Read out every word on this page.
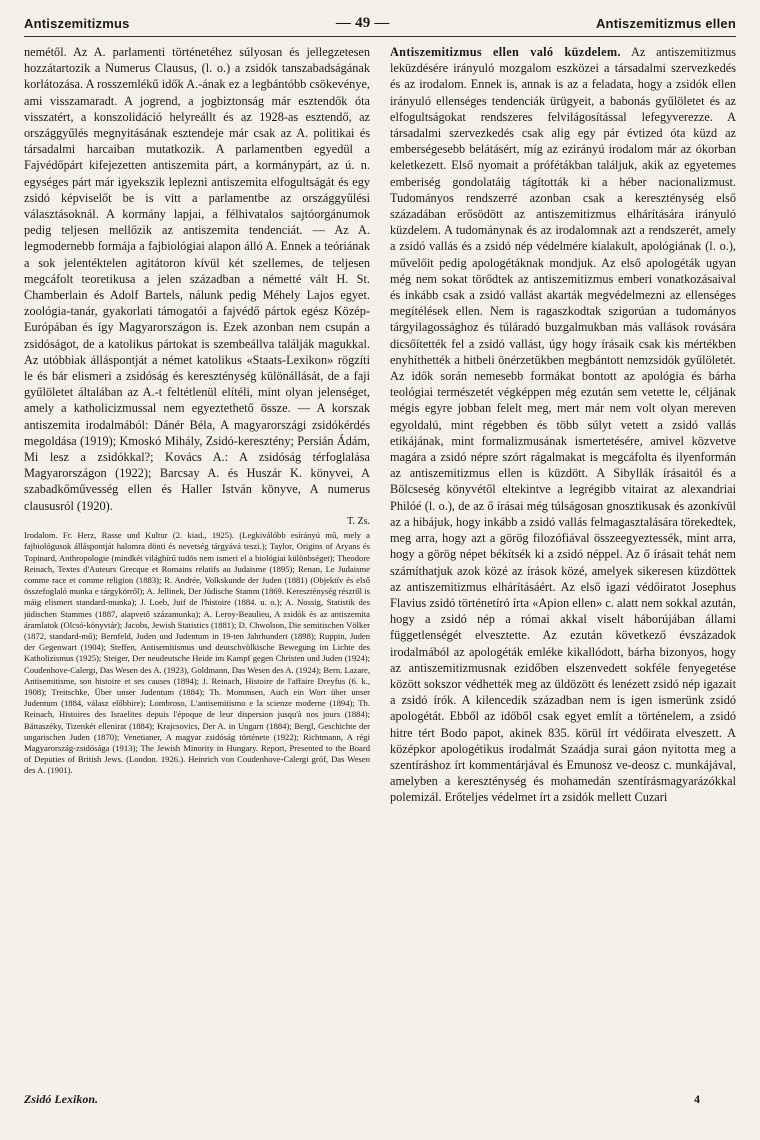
Antiszemitizmus	— 49 —	Antiszemitizmus ellen

nemétől. Az A. parlamenti történetéhez súlyosan és jellegzetesen hozzátartozik a Numerus Clausus, (l. o.) a zsidók tanszabadságának korlátozása. A rosszemlékű idők A.-ának ez a legbántóbb csökevénye, ami visszamaradt. A jogrend, a jogbiztonság már esztendők óta visszatért, a konszolidáció helyreállt és az 1928-as esztendő, az országgyűlés megnyitásának esztendeje már csak az A. politikai és társadalmi harcaiban mutatkozik. A parlamentben egyedül a Fajvédőpárt kifejezetten antiszemita párt, a kormánypárt, az ú. n. egységes párt már igyekszik leplezni antiszemita elfogultságát és egy zsidó képviselőt be is vitt a parlamentbe az országgyűlési választásoknál. A kormány lapjai, a félhivatalos sajtóorgánumok pedig teljesen mellőzik az antiszemita tendenciát. — Az A. legmodernebb formája a fajbiológiai alapon álló A. Ennek a teóriának a sok jelentéktelen agitátoron kívül két szellemes, de teljesen megcáfolt teoretikusa a jelen században a németté vált H. St. Chamberlain és Adolf Bartels, nálunk pedig Méhely Lajos egyet. zoológia-tanár, gyakorlati támogatói a fajvédő pártok egész Közép-Európában és így Magyarországon is. Ezek azonban nem csupán a zsidóságot, de a katolikus pártokat is szembeállva találják magukkal. Az utóbbiak álláspontját a német katolikus «Staats-Lexikon» rögzíti le és bár elismeri a zsidóság és kereszténység különállását, de a faji gyűlöletet általában az A.-t feltétlenül elítéli, mint olyan jelenséget, amely a katholicizmussal nem egyeztethető össze. — A korszak antiszemita irodalmából: Dánér Béla, A magyarországi zsidókérdés megoldása (1919); Kmoskó Mihály, Zsidó-keresztény; Persián Ádám, Mi lesz a zsidókkal?; Kovács A.: A zsidóság térfoglalása Magyarországon (1922); Barcsay A. és Huszár K. könyvei, A szabadkőművesség ellen és Haller István könyve, A numerus claususról (1920).

T. Zs.

Irodalom. Fr. Herz, Rasse und Kultur (2. kiad., 1925). (Legkiválóbb esírányú mű, mely a fajbiológusok álláspontját halomra dönti és nevetség tárgyává teszi.); Taylor, Origins of Aryans és Topinard, Anthropologie (mindkét világhírű tudós nem ismeri el a biológiai különbséget); Theodore Reinach, Textes d'Auteurs Grecque et Romains relatifs au Judaisme (1895); Renan, Le Judaisme comme race et comme religion (1883); R. Andrée, Volkskunde der Juden (1881) (Objektív és első összefoglaló munka e tárgykörről); A. Jellinek, Der Jüdische Stamm (1869. Kereszténység részről is máig elismert standard-munka); J. Loeb, Juif de l'histoire (1884. u. o.); A. Nossig, Statistik des jüdischen Stammes (1887, alapvető százamunka); A. Leroy-Beaulieu, A zsidók és az antiszemita áramlatok (Olcsó-könyvtár); Jacobs, Jewish Statistics (1881); D. Chwolson, Die semitischen Völker (1872, standard-mű); Bernfeld, Juden und Judentum in 19-ten Jahrhundert (1898); Ruppin, Juden der Gegenwart (1904); Steffen, Antisemitismus und deutschvölkische Bewegung im Lichte des Katholizismus (1925); Steiger, Der neudeutsche Heide im Kampf gegen Christen und Juden (1924); Coudenhove-Calergi, Das Wesen des A. (1923), Goldmann, Das Wesen des A. (1924); Bern. Lazare, Antisemitisme, son histoire et ses causes (1894); J. Reinach, Histoire de l'affaire Dreyfus (6. k., 1908); Treitschke, Über unser Judentum (1884); Th. Mommsen, Auch ein Wort über unser Judentum (1884, válasz előbbire); Lombroso, L'antisemitismo e la scienze moderne (1894); Th. Reinach, Histoires des Israelites depuis l'époque de leur dispersion jusqu'à nos jours (1884); Báttaszéky, Tizenkét ellenirat (1884); Krajcsovics, Der A. in Ungarn (1884); Bergl, Geschichte der ungarischen Juden (1870); Venetianer, A magyar zsidóság története (1922); Richtmann, A régi Magyarország-zsidósága (1913); The Jewish Minority in Hungary. Report, Presented to the Board of Deputies of British Jews. (London. 1926.). Heinrich von Coudenhove-Calergi gróf, Das Wesen des A. (1901).

Antiszemitizmus ellen való küzdelem. Az antiszemitizmus leküzdésére irányuló mozgalom eszközei a társadalmi szervezkedés és az irodalom. Ennek is, annak is az a feladata, hogy a zsidók ellen irányuló ellenséges tendenciák ürügyeit, a babonás gyűlöletet és az elfogultságokat rendszeres felvilágosítással lefegyverezze. A társadalmi szervezkedés csak alig egy pár évtized óta küzd az emberségesebb belátásért, míg az ezirányú irodalom már az ókorban keletkezett. Első nyomait a prófétákban találjuk, akik az egyetemes emberiség gondolatáig tágították ki a héber nacionalizmust. Tudományos rendszerré azonban csak a kereszténység első századában erősödött az antiszemitizmus elhárítására irányuló küzdelem. A tudománynak és az irodalomnak azt a rendszerét, amely a zsidó vallás és a zsidó nép védelmére kialakult, apológiának (l. o.), művelőit pedig apologétáknak mondjuk. Az első apologéták ugyan még nem sokat törődtek az antiszemitizmus emberi vonatkozásaival és inkább csak a zsidó vallást akarták megvédelmezni az ellenséges megítélések ellen. Nem is ragaszkodtak szigorúan a tudományos tárgyilagossághoz és túláradó buzgalmukban más vallások rovására dicsőítették fel a zsidó vallást, úgy hogy írásaik csak kis mértékben enyhíthették a hitbeli önérzetükben megbántott nemzsidók gyűlöletét. Az idők során nemesebb formákat bontott az apológia és bárha teológiai természetét végképpen még ezután sem vetette le, céljának mégis egyre jobban felelt meg, mert már nem volt olyan mereven egyoldalú, mint régebben és több súlyt vetett a zsidó vallás etikájának, mint formalizmusának ismertetésére, amivel közvetve magára a zsidó népre szórt rágalmakat is megcáfolta és ilyenformán az antiszemitizmus ellen is küzdött. A Sibyllák írásaitól és a Bölcseség könyvétől eltekintve a legrégibb vitairat az alexandriai Philóé (l. o.), de az ő írásai még túlságosan gnosztikusak és azonkívül az a hibájuk, hogy inkább a zsidó vallás felmagasztalására törekedtek, meg arra, hogy azt a görög filozófiával összeegyeztessék, mint arra, hogy a görög népet békítsék ki a zsidó néppel. Az ő írásait tehát nem számíthatjuk azok közé az írások közé, amelyek sikeresen küzdöttek az antiszemitizmus elhárításáért. Az első igazi védőiratot Josephus Flavius zsidó történetíró írta «Apion ellen» c. alatt nem sokkal azután, hogy a zsidó nép a római akkal viselt háborújában állami függetlenségét elvesztette. Az ezután következő évszázadok irodalmából az apologéták emléke kikallódott, bárha bizonyos, hogy az antiszemitizmusnak ezidőben elszenvedett sokféle fenyegetése között sokszor védhették meg az üldözött és lenézett zsidó nép igazait a zsidó írók. A kilencedik században nem is igen ismerünk zsidó apologétát. Ebből az időből csak egyet említ a történelem, a zsidó hitre tért Bodo papot, akinek 835. körül írt védőirata elveszett. A középkor apologétikus irodalmát Szaádja surai gáon nyitotta meg a szentíráshoz írt kommentárjával és Emunosz ve-deosz c. munkájával, amelyben a kereszténység és mohamedán szentírásmagyarázókkal polemizál. Erőteljes védelmet írt a zsidók mellett Cuzari

Zsidó Lexikon.	4
